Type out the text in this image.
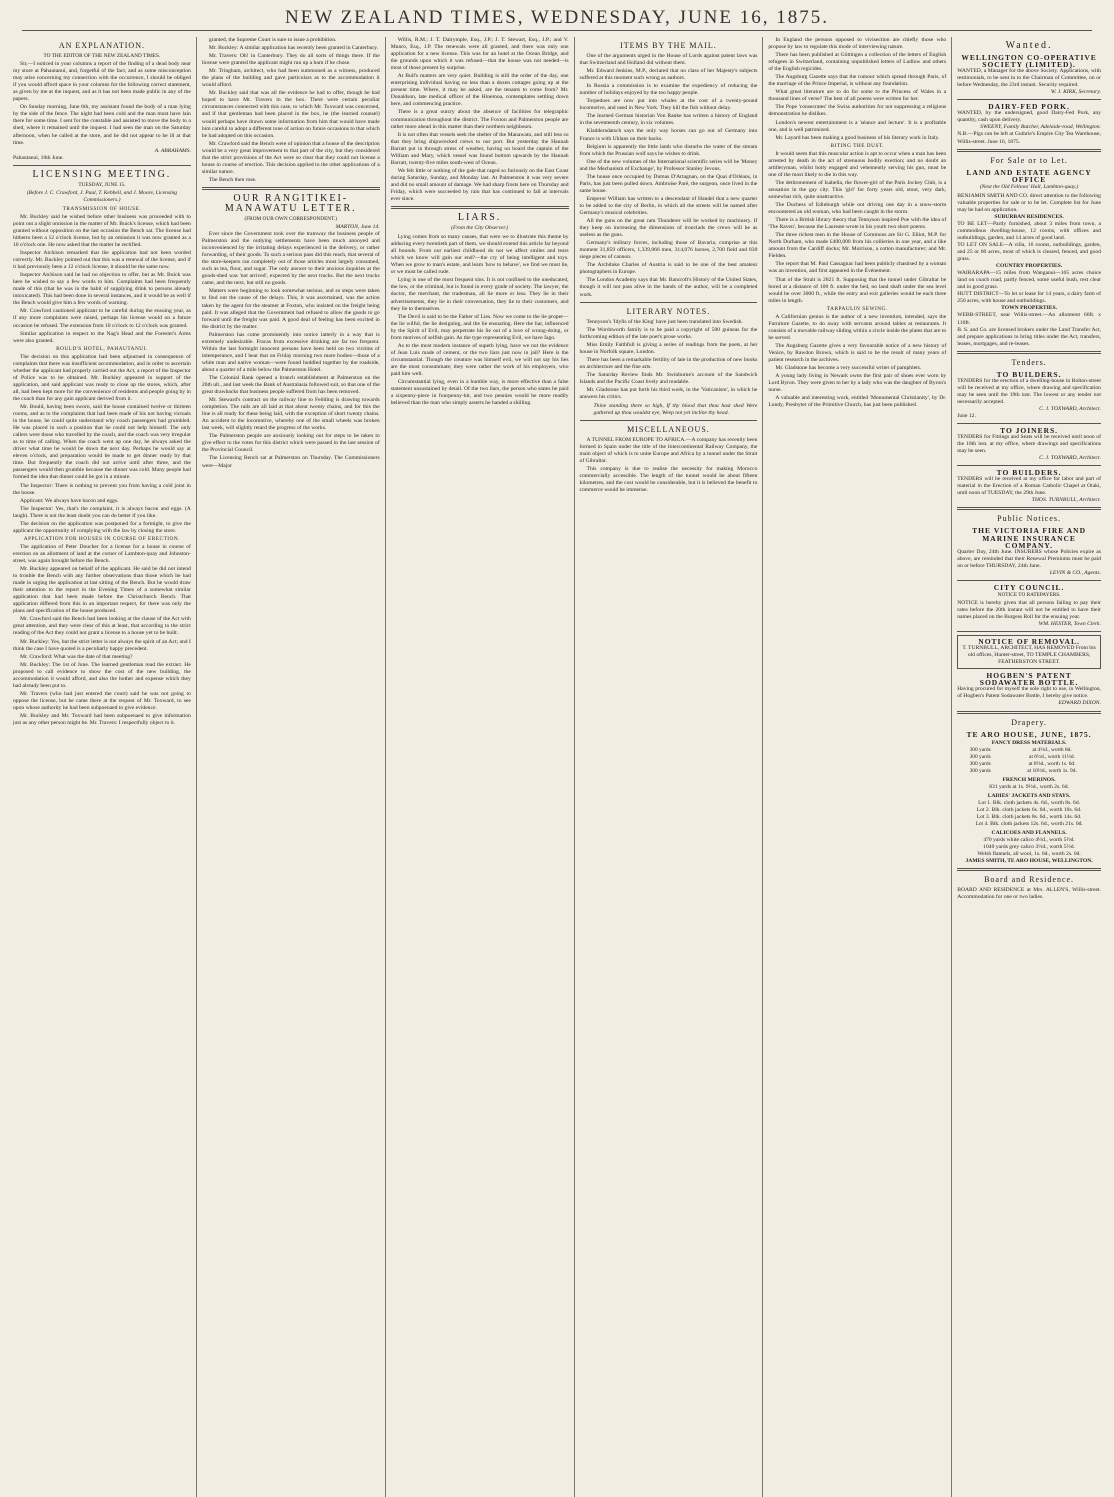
NEW ZEALAND TIMES, WEDNESDAY, JUNE 16, 1875.
AN EXPLANATION.
TO THE EDITOR OF THE NEW ZEALAND TIMES.

Sir,—I noticed in your columns a report of the finding of a dead body near my store at Pahautanui, and, forgetful of the fact, and as some misconception may arise concerning my connection with the occurrence, I should be obliged if you would afford space in your columns for the following correct statement, as given by me at the inquest, and as it has not been made public in any of the papers.

On Sunday morning, June 6th, my assistant found the body of a man lying by the side of the fence. The night had been cold and the man must have lain there for some time. I sent for the constable and assisted to move the body to a shed, where it remained until the inquest. I had seen the man on the Saturday afternoon, when he called at the store, and he did not appear to be ill at that time.

A. ABRAHAMS.
Pahautanui, 10th June.
LICENSING MEETING.
TUESDAY, JUNE 15.
(Before J. C. Crawford, J. Paul, T. Kebbell, and J. Moore, Licensing Commissioners.)
TRANSMISSION OF HOUSE.

Mr. Buckley said he wished before other business was proceeded with to point out a slight omission in the matter of Mr. Buick's license, which had been granted without opposition on the last occasion the Bench sat. The license had hitherto been a 12 o'clock license, but by an omission it was now granted as a 10 o'clock one. He now asked that the matter be rectified.

Inspector Atchison remarked that the application had not been worded correctly. Mr. Buckley pointed out that this was a renewal of the license, and if it had previously been a 12 o'clock license, it should be the same now.

Inspector Atchison said he had no objection to offer, but as Mr. Buick was here he wished to say a few words to him. Complaints had been frequently made of this (that he was in the habit of supplying drink to persons already intoxicated). This had been done in several instances, and it would be as well if the Bench would give him a few words of warning.

Mr. Crawford cautioned applicant to be careful during the ensuing year, as if any more complaints were raised, perhaps his license would on a future occasion be refused. The extension from 10 o'clock to 12 o'clock was granted.

Similar application in respect to the Nag's Head and the Forester's Arms were also granted.

BOULD'S HOTEL, PAHAUTANUI.

The decision on this application had been adjourned in consequence of complaints that there was insufficient accommodation, and in order to ascertain whether the applicant had properly carried out the Act, a report of the Inspector of Police was to be obtained. Mr. Buckley appeared in support of the application, and said applicant was ready to close up the stores, which, after all, had been kept more for the convenience of residents and people going by in the coach than for any gain applicant derived from it.

Mr. Bould, having been sworn, said the house contained twelve or thirteen rooms, and as to the complaints that had been made of his not having victuals in the house, he could quite understand why coach passengers had grumbled. He was placed in such a position that he could not help himself. The only callers were those who travelled by the coach, and the coach was very irregular as to time of calling. When the coach went up one day, he always asked the driver what time he would be down the next day. Perhaps he would say at eleven o'clock, and preparation would be made to get dinner ready by that time. But frequently the coach did not arrive until after three, and the passengers would then grumble because the dinner was cold. Many people had formed the idea that dinner could be got in a minute.

The Inspector: There is nothing to prevent you from having a cold joint in the house.

Applicant: We always have bacon and eggs.

The Inspector: Yes, that's the complaint, it is always bacon and eggs. (A laugh). There is not the least doubt you can do better if you like.

The decision on the application was postponed for a fortnight, to give the applicant the opportunity of complying with the law by closing the store.

APPLICATION FOR HOUSES IN COURSE OF ERECTION.

The application of Peter Doucher for a license for a house in course of erection on an allotment of land at the corner of Lambton-quay and Johnston-street, was again brought before the Bench.

Mr. Buckley appeared on behalf of the applicant. He said he did not intend to trouble the Bench with any further observations than those which he had made in urging the application at last sitting of the Bench. But he would draw their attention to the report in the Evening Times of a somewhat similar application that had been made before the Christchurch Bench. That application differed from this in an important respect, for there was only the plans and specification of the house produced.

Mr. Crawford said the Bench had been looking at the clause of the Act with great attention, and they were clear of this at least, that according to the strict reading of the Act they could not grant a license to a house yet to be built.

Mr. Buckley: Yes, but the strict letter is not always the spirit of an Act; and I think the case I have quoted is a peculiarly happy precedent.

Mr. Crawford: What was the date of that meeting?

Mr. Buckley: The 1st of June. The learned gentleman read the extract. He proposed to call evidence to show the cost of the new building, the accommodation it would afford, and also the bother and expense which they had already been put to.

Mr. Travers (who had just entered the court) said he was not going to oppose the license, but he came there at the request of Mr. Toxward, to see upon whose authority he had been subpoenaed to give evidence.

Mr. Buckley and Mr. Toxward had been subpoenaed to give information just as any other person might be. Mr. Travers: I respectfully object to it.

granted, the Supreme Court is sure to issue a prohibition.

Mr. Buckley: A similar application has recently been granted in Canterbury.

Mr. Travers: Oh! in Canterbury. They do all sorts of things there. If the license were granted the applicant might run up a barn if he chose.

Mr. Tringham, architect, who had been summoned as a witness, produced the plans of the building and gave particulars as to the accommodation it would afford.

Mr. Buckley said that was all the evidence he had to offer, though he had hoped to have Mr. Travers in the box. There were certain peculiar circumstances connected with this case, to which Mr. Toxward was concerned, and if that gentleman had been placed in the box, he (the learned counsel) would perhaps have drawn some information from him that would have made him careful to adopt a different tone of action on future occasions to that which he had adopted on this occasion.

Mr. Crawford said the Bench were of opinion that a house of the description would be a very great improvement to that part of the city, but they considered that the strict provisions of the Act were so clear that they could not license a house in course of erection. This decision applied to the other applications of a similar nature.

The Bench then rose.

OUR RANGITIKEI-MANAWATU LETTER.
(FROM OUR OWN CORRESPONDENT.)
MARTON, June 14.

Ever since the Government took over the tramway the business people of Palmerston and the outlying settlements have been much annoyed and inconvenienced by the irritating delays experienced in the delivery, or rather forwarding, of their goods. To such a serious pass did this reach, that several of the store-keepers ran completely out of those articles most largely consumed, such as tea, flour, and sugar. The only answer to their anxious inquiries at the goods-shed was 'not arrived', expected by the next trucks. But the next trucks came, and the next, but still no goods.

Matters were beginning to look somewhat serious, and so steps were taken to find out the cause of the delays. This, it was ascertained, was the action taken by the agent for the steamer at Foxton, who insisted on the freight being paid. It was alleged that the Government had refused to allow the goods to go forward until the freight was paid. A good deal of feeling has been excited in the district by the matter.

Palmerston has come prominently into notice latterly in a way that is extremely undesirable. Fracas from excessive drinking are far too frequent. Within the last fortnight innocent persons have been held on two victims of intemperance, and I hear that on Friday morning two more bodies—those of a white man and native woman—were found huddled together by the roadside, about a quarter of a mile below the Palmerston Hotel.

The Colonial Bank opened a branch establishment at Palmerston on the 26th ult., and last week the Bank of Australasia followed suit, so that one of the great drawbacks that business people suffered from has been removed.

Mr. Steward's contract on the railway line to Feilding is drawing towards completion. The rails are all laid at that about twenty chains, and for this the line is all ready for these being laid, with the exception of short twenty chains. An accident to the locomotive, whereby one of the small wheels was broken last week, will slightly retard the progress of the works.

The Palmerston people are anxiously looking out for steps to be taken to give effect to the votes for this district which were passed in the last session of the Provincial Council.

The Licensing Bench sat at Palmerston on Thursday. The Commissioners were—Major

Willis, R.M.; J. T. Dalrymple, Esq., J.P.; J. T. Stewart, Esq., J.P.; and V. Munro, Esq., J.P. The renewals were all granted, and there was only one application for a new license. This was for an hotel at the Ocean Bridge, and the grounds upon which it was refused—that the house was not needed—is most of those present by surprise.

At Bull's matters are very quiet. Building is still the order of the day, one enterprising individual having no less than a dozen cottages going up at the present time. Where, it may be asked, are the tenants to come from? Mr. Donaldson, late medical officer of the Hinemoa, contemplates settling down here, and commencing practice.

There is a great outcry about the absence of facilities for telegraphic communication throughout the district. The Foxton and Palmerston people are rather more ahead in this matter than their northern neighbours.

It is not often that vessels seek the shelter of the Manawatu, and still less so that they bring shipwrecked crews to our port. But yesterday the Hannah Barratt put in through stress of weather, having on board the captain of the William and Mary, which vessel was found bottom upwards by the Hannah Barratt, twenty-five miles south-west of Ocean.

We felt little or nothing of the gale that raged so furiously on the East Coast during Saturday, Sunday, and Monday last. At Palmerston it was very severe and did no small amount of damage. We had sharp frosts here on Thursday and Friday, which were succeeded by rain that has continued to fall at intervals ever since.

LIARS.
(From the City Observer.)

Lying comes from so many causes, that were we to illustrate this theme by adducing every twentieth part of them, we should extend this article far beyond all bounds. From our earliest childhood do not we affect smiles and tears which we know will gain our end?—the cry of being intelligent and toys. When we grow to man's estate, and learn 'how to behave', we find we must lie, or we must be called rude.

Lying is one of the most frequent sins. It is not confined to the uneducated, the low, or the criminal, but is found in every grade of society. The lawyer, the doctor, the merchant, the tradesman, all lie more or less. They lie in their advertisements, they lie in their conversation, they lie to their customers, and they lie to themselves.

The Devil is said to be the Father of Lies. Now we come to the lie proper—the lie wilful, the lie designing, and the lie ensnaring. Here the liar, influenced by the Spirit of Evil, may perpetrate his lie out of a love of wrong-doing, or from motives of selfish gain. As the type representing Evil, we have Iago.

As to the most modern instance of superb lying, have we not the evidence of Jean Luis made of cement, or the two liars just now in jail? Here is the circumstantial. Though the creature was himself evil, we will not say his lies are the most consummate; they were rather the work of his employers, who paid him well.

Circumstantial lying, even in a humble way, is more effective than a false statement unsustained by detail. Of the two liars, the person who states he paid a sixpenny-piece in fourpenny-bit, and two pennies would be more readily believed than the man who simply asserts he handed a shilling.

ITEMS BY THE MAIL.

One of the arguments urged in the House of Lords against patent laws was that Switzerland and Holland did without them.

Mr. Edward Jenkins, M.P., declared that no class of her Majesty's subjects suffered at this moment such wrong as authors.

In Russia a commission is to examine the expediency of reducing the number of holidays enjoyed by the too happy people.

Torpedoes are now put into whales at the cost of a twenty-pound locomotive, and used in New York. They kill the fish without delay.

The learned German historian Von Ranke has written a history of England in the seventeenth century, in six volumes.

Kladderadatsch says the only way horses can go out of Germany into France is with Uhlans on their backs.

Belgium is apparently the little lamb who disturbs the water of the stream from which the Prussian wolf says he wishes to drink.

One of the new volumes of the International scientific series will be 'Money and the Mechanism of Exchange', by Professor Stanley Jevons.

The house once occupied by Dumas D'Artagnan, on the Quai d'Orléans, in Paris, has just been pulled down. Ambroise Paré, the surgeon, once lived in the same house.

Emperor William has written to a descendant of Handel that a new quarter to be added to the city of Berlin, in which all the streets will be named after Germany's musical celebrities.

All the guns on the great ram Thunderer will be worked by machinery. If they keep on increasing the dimensions of ironclads the crews will be as useless as the guns.

Germany's military forces, including those of Bavaria, comprise at this moment 31,859 officers, 1,339,066 men, 314,076 horses, 2,700 field and 830 siege pieces of cannon.

The Archduke Charles of Austria is said to be one of the best amateur photographers in Europe.

The London Academy says that Mr. Bancroft's History of the United States, though it will not pass alive in the hands of the author, will be a completed work.

LITERARY NOTES.

Tennyson's 'Idylls of the King' have just been translated into Swedish.

The Wordsworth family is to be paid a copyright of 500 guineas for the forthcoming edition of the late poet's prose works.

Miss Emily Faithfull is giving a series of readings from the poets, at her house in Norfolk square, London.

There has been a remarkable fertility of late in the production of new books on architecture and the fine arts.

The Saturday Review finds Mr. Swinburne's account of the Sandwich Islands and the Pacific Coast lively and readable.

Mr. Gladstone has put forth his third work, in the 'Vaticanism', in which he answers his critics.

Thine standing there so high, If thy blood that thou hast shed Were gathered up thou wouldst eye, Weep not yet incline thy head.
MISCELLANEOUS.

A TUNNEL FROM EUROPE TO AFRICA.—A company has recently been formed in Spain under the title of the Intercontinental Railway Company, the main object of which is to unite Europe and Africa by a tunnel under the Strait of Gibraltar.

This company is due to realise the necessity for making Morocco commercially accessible. The length of the tunnel would be about fifteen kilometres, and the cost would be considerable, but it is believed the benefit to commerce would be immense.

In England the persons opposed to vivisection are chiefly those who propose by law to regulate this mode of interviewing nature.

There has been published at Göttingen a collection of the letters of English refugees in Switzerland, containing unpublished letters of Ludlow and others of the English regicides.

The Augsburg Gazette says that the rumour which spread through Paris, of the marriage of the Prince Imperial, is without any foundation.

What great literature are to do for some to the Princess of Wales in a thousand lines of verse? The best of all poems were written for her.

The Pope 'consecrates' the Swiss authorities for not suppressing a religious demonstration he dislikes.

London's newest entertainment is a 'séance and lecture'. It is a profitable one, and is well patronized.

Mr. Layard has been making a good business of his literary work in Italy.

BITING THE DUST.

It would seem that this muscular action is apt to occur when a man has been arrested by death in the act of strenuous bodily exertion; and no doubt an artilleryman, whilst hotly engaged and vehemently serving his gun, must be one of the most likely to die in this way.

The dethronement of Isabella, the flower-girl of the Paris Jockey Club, is a sensation in the gay city. This 'girl' for forty years old, stout, very dark, somewhat rich, quite unattractive.

The Duchess of Edinburgh while out driving one day in a snow-storm encountered an old woman, who had been caught in the storm.

There is a British library theory that Tennyson inspired Poe with the idea of 'The Raven', because the Laureate wrote in his youth two short poems.

The three richest men in the House of Commons are Sir G. Elliot, M.P. for North Durham, who made £400,000 from his collieries in one year, and a like amount from the Cardiff docks; Mr. Morrison, a cotton manufacturer; and Mr. Fielden.

The report that M. Paul Cassagnac had been publicly chastised by a woman was an invention, and first appeared in the Événement.

That of the Strait is 2821 ft. Supposing that the tunnel under Gibraltar be bored at a distance of 100 ft. under the bed, no land shaft under the sea level would be over 3000 ft., while the entry and exit galleries would be each three miles in length.

TARPAULIN SEWING.

A Californian genius is the author of a new invention, intended, says the Furniture Gazette, to do away with servants around tables at restaurants. It consists of a movable railway sliding within a circle inside the plates that are to be served.

The Augsburg Gazette gives a very favourable notice of a new history of Venice, by Rawdon Brown, which is said to be the result of many years of patient research in the archives.

Mr. Gladstone has become a very successful writer of pamphlets.

A young lady living in Newark owns the first pair of shoes ever worn by Lord Byron. They were given to her by a lady who was the daughter of Byron's nurse.

A valuable and interesting work, entitled 'Monumental Christianity', by Dr. Lundy, Presbyter of the Primitive Church, has just been published.

Wanted.
WELLINGTON CO-OPERATIVE SOCIETY (LIMITED).
WANTED, a Manager for the above Society. Applications, with testimonials, to be sent in to the Chairman of Committee, on or before Wednesday, the 23rd instant. Security required.
W. J. KIRK, Secretary.
DAIRY-FED PORK.
WANTED, by the undersigned, good Dairy-Fed Pork, any quantity, cash upon delivery.
SWEENY, Family Butcher, Adelaide-road, Wellington.
N.B.—Pigs can be left at Guthrie's Empire City Tea Warehouse, Willis-street. June 16, 1875.
For Sale or to Let.
LAND AND ESTATE AGENCY OFFICE
(Next the Old Fellows' Hall, Lambton-quay.)
BENJAMIN SMITH AND CO. direct attention to the following valuable properties for sale or to be let. Complete list for June may be had on application.
SUBURBAN RESIDENCES.
TO BE LET—Partly furnished, about 3 miles from town, a commodious dwelling-house, 12 rooms, with offices and outbuildings, garden, and 14 acres of good land.
TO LET ON SALE—A villa, 16 rooms, outbuildings, garden, and 25 or 60 acres, most of which is cleared, fenced, and good grass.
COUNTRY PROPERTIES.
WAIRARAPA—15 miles from Wanganui—165 acres choice land on coach road, partly fenced, some useful bush, rest clear and in good grass.
HUTT DISTRICT—To let or lease for 14 years, a dairy farm of 250 acres, with house and outbuildings.
TOWN PROPERTIES.
WEBB-STREET, near Willis-street.—An allotment 66ft. x 110ft.
B. S. and Co. are licensed brokers under the Land Transfer Act, and prepare applications to bring titles under the Act, transfers, leases, mortgages, and re-leases.
Tenders.
TO BUILDERS.
TENDERS for the erection of a dwelling-house in Bolton-street will be received at my office, where drawing and specification may be seen until the 19th inst. The lowest or any tender not necessarily accepted.
C. J. TOXWARD, Architect.
June 12.
TO JOINERS.
TENDERS for Fittings and Seats will be received until noon of the 18th inst. at my office, where drawings and specifications may be seen.
C. J. TOXWARD, Architect.
TO BUILDERS.
TENDERS will be received at my office for labor and part of material in the Erection of a Roman Catholic Chapel at Otaki, until noon of TUESDAY, the 29th June.
THOS. TURNBULL, Architect.
Public Notices.
THE VICTORIA FIRE AND MARINE INSURANCE COMPANY.
Quarter Day, 24th June. INSURERS whose Policies expire as above, are reminded that their Renewal Premiums must be paid on or before THURSDAY, 24th June.
LEVIN & CO., Agents.
CITY COUNCIL.
NOTICE TO RATEPAYERS.
NOTICE is hereby given that all persons failing to pay their rates before the 20th instant will not be entitled to have their names placed on the Burgess Roll for the ensuing year.
WM. HESTER, Town Clerk.
NOTICE OF REMOVAL.
T. TURNBULL, ARCHITECT, HAS REMOVED From his old offices, Hunter-street, TO TEMPLE CHAMBERS, FEATHERSTON STREET.
HOGBEN'S PATENT SODAWATER BOTTLE.
Having procured for myself the sole right to use, in Wellington, of Hogben's Patent Sodawater Bottle, I hereby give notice.
EDWARD DIXON.
Drapery.
TE ARO HOUSE, JUNE, 1875.
FANCY DRESS MATERIALS.
300 yards	at 4½d., worth 8d.
300 yards	at 6½d., worth 11½d.
300 yards	at 8½d., worth 1s. 6d.
300 yards	at 10½d., worth 1s. 9d.
FRENCH MERINOS.
831 yards at 1s. 9½d., worth 2s. 6d.
LADIES' JACKETS AND STAYS.
Lot 1. Blk. cloth jackets 4s. 6d., worth 8s. 6d.
Lot 2. Blk. cloth jackets 6s. 6d., worth 10s. 6d.
Lot 3. Blk. cloth jackets 8s. 6d., worth 14s. 6d.
Lot 4. Blk. cloth jackets 12s. 6d., worth 21s. 0d.
CALICOES AND FLANNELS.
470 yards white calico 4½d., worth 5½d.
1040 yards grey calico 3½d., worth 5½d.
Welsh flannels, all wool, 1s. 6d., worth 2s. 0d.
JAMES SMITH, TE ARO HOUSE, WELLINGTON.
Board and Residence.
BOARD AND RESIDENCE at Mrs. ALLEN'S, Willis-street. Accommodation for one or two ladies.
